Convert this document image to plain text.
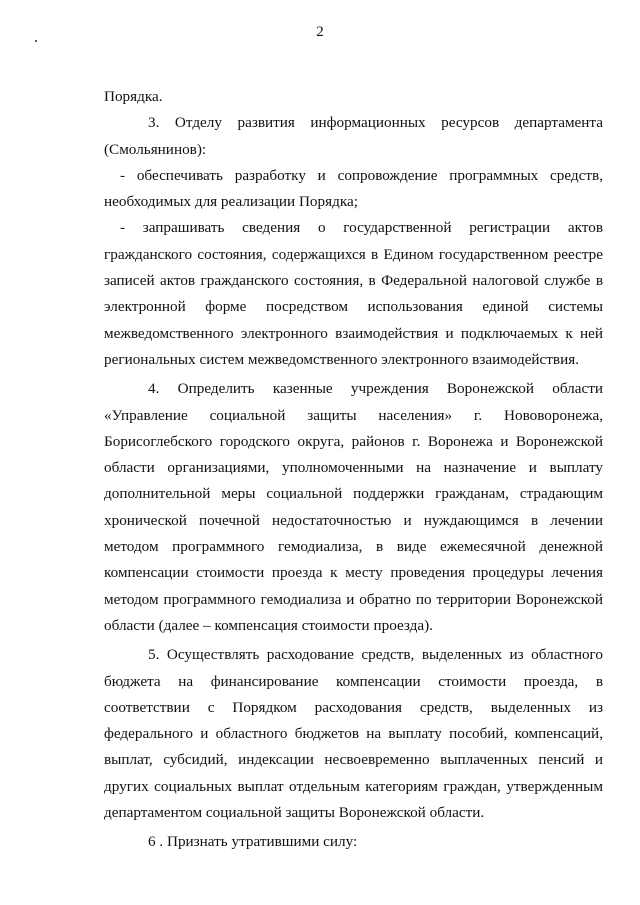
2

Порядка.

3. Отделу развития информационных ресурсов департамента (Смольянинов):

- обеспечивать разработку и сопровождение программных средств, необходимых для реализации Порядка;

- запрашивать сведения о государственной регистрации актов гражданского состояния, содержащихся в Едином государственном реестре записей актов гражданского состояния, в Федеральной налоговой службе в электронной форме посредством использования единой системы межведомственного электронного взаимодействия и подключаемых к ней региональных систем межведомственного электронного взаимодействия.

4. Определить казенные учреждения Воронежской области «Управление социальной защиты населения» г. Нововоронежа, Борисоглебского городского округа, районов г. Воронежа и Воронежской области организациями, уполномоченными на назначение и выплату дополнительной меры социальной поддержки гражданам, страдающим хронической почечной недостаточностью и нуждающимся в лечении методом программного гемодиализа, в виде ежемесячной денежной компенсации стоимости проезда к месту проведения процедуры лечения методом программного гемодиализа и обратно по территории Воронежской области (далее – компенсация стоимости проезда).

5. Осуществлять расходование средств, выделенных из областного бюджета на финансирование компенсации стоимости проезда, в соответствии с Порядком расходования средств, выделенных из федерального и областного бюджетов на выплату пособий, компенсаций, выплат, субсидий, индексации несвоевременно выплаченных пенсий и других социальных выплат отдельным категориям граждан, утвержденным департаментом социальной защиты Воронежской области.

6 . Признать утратившими силу:
